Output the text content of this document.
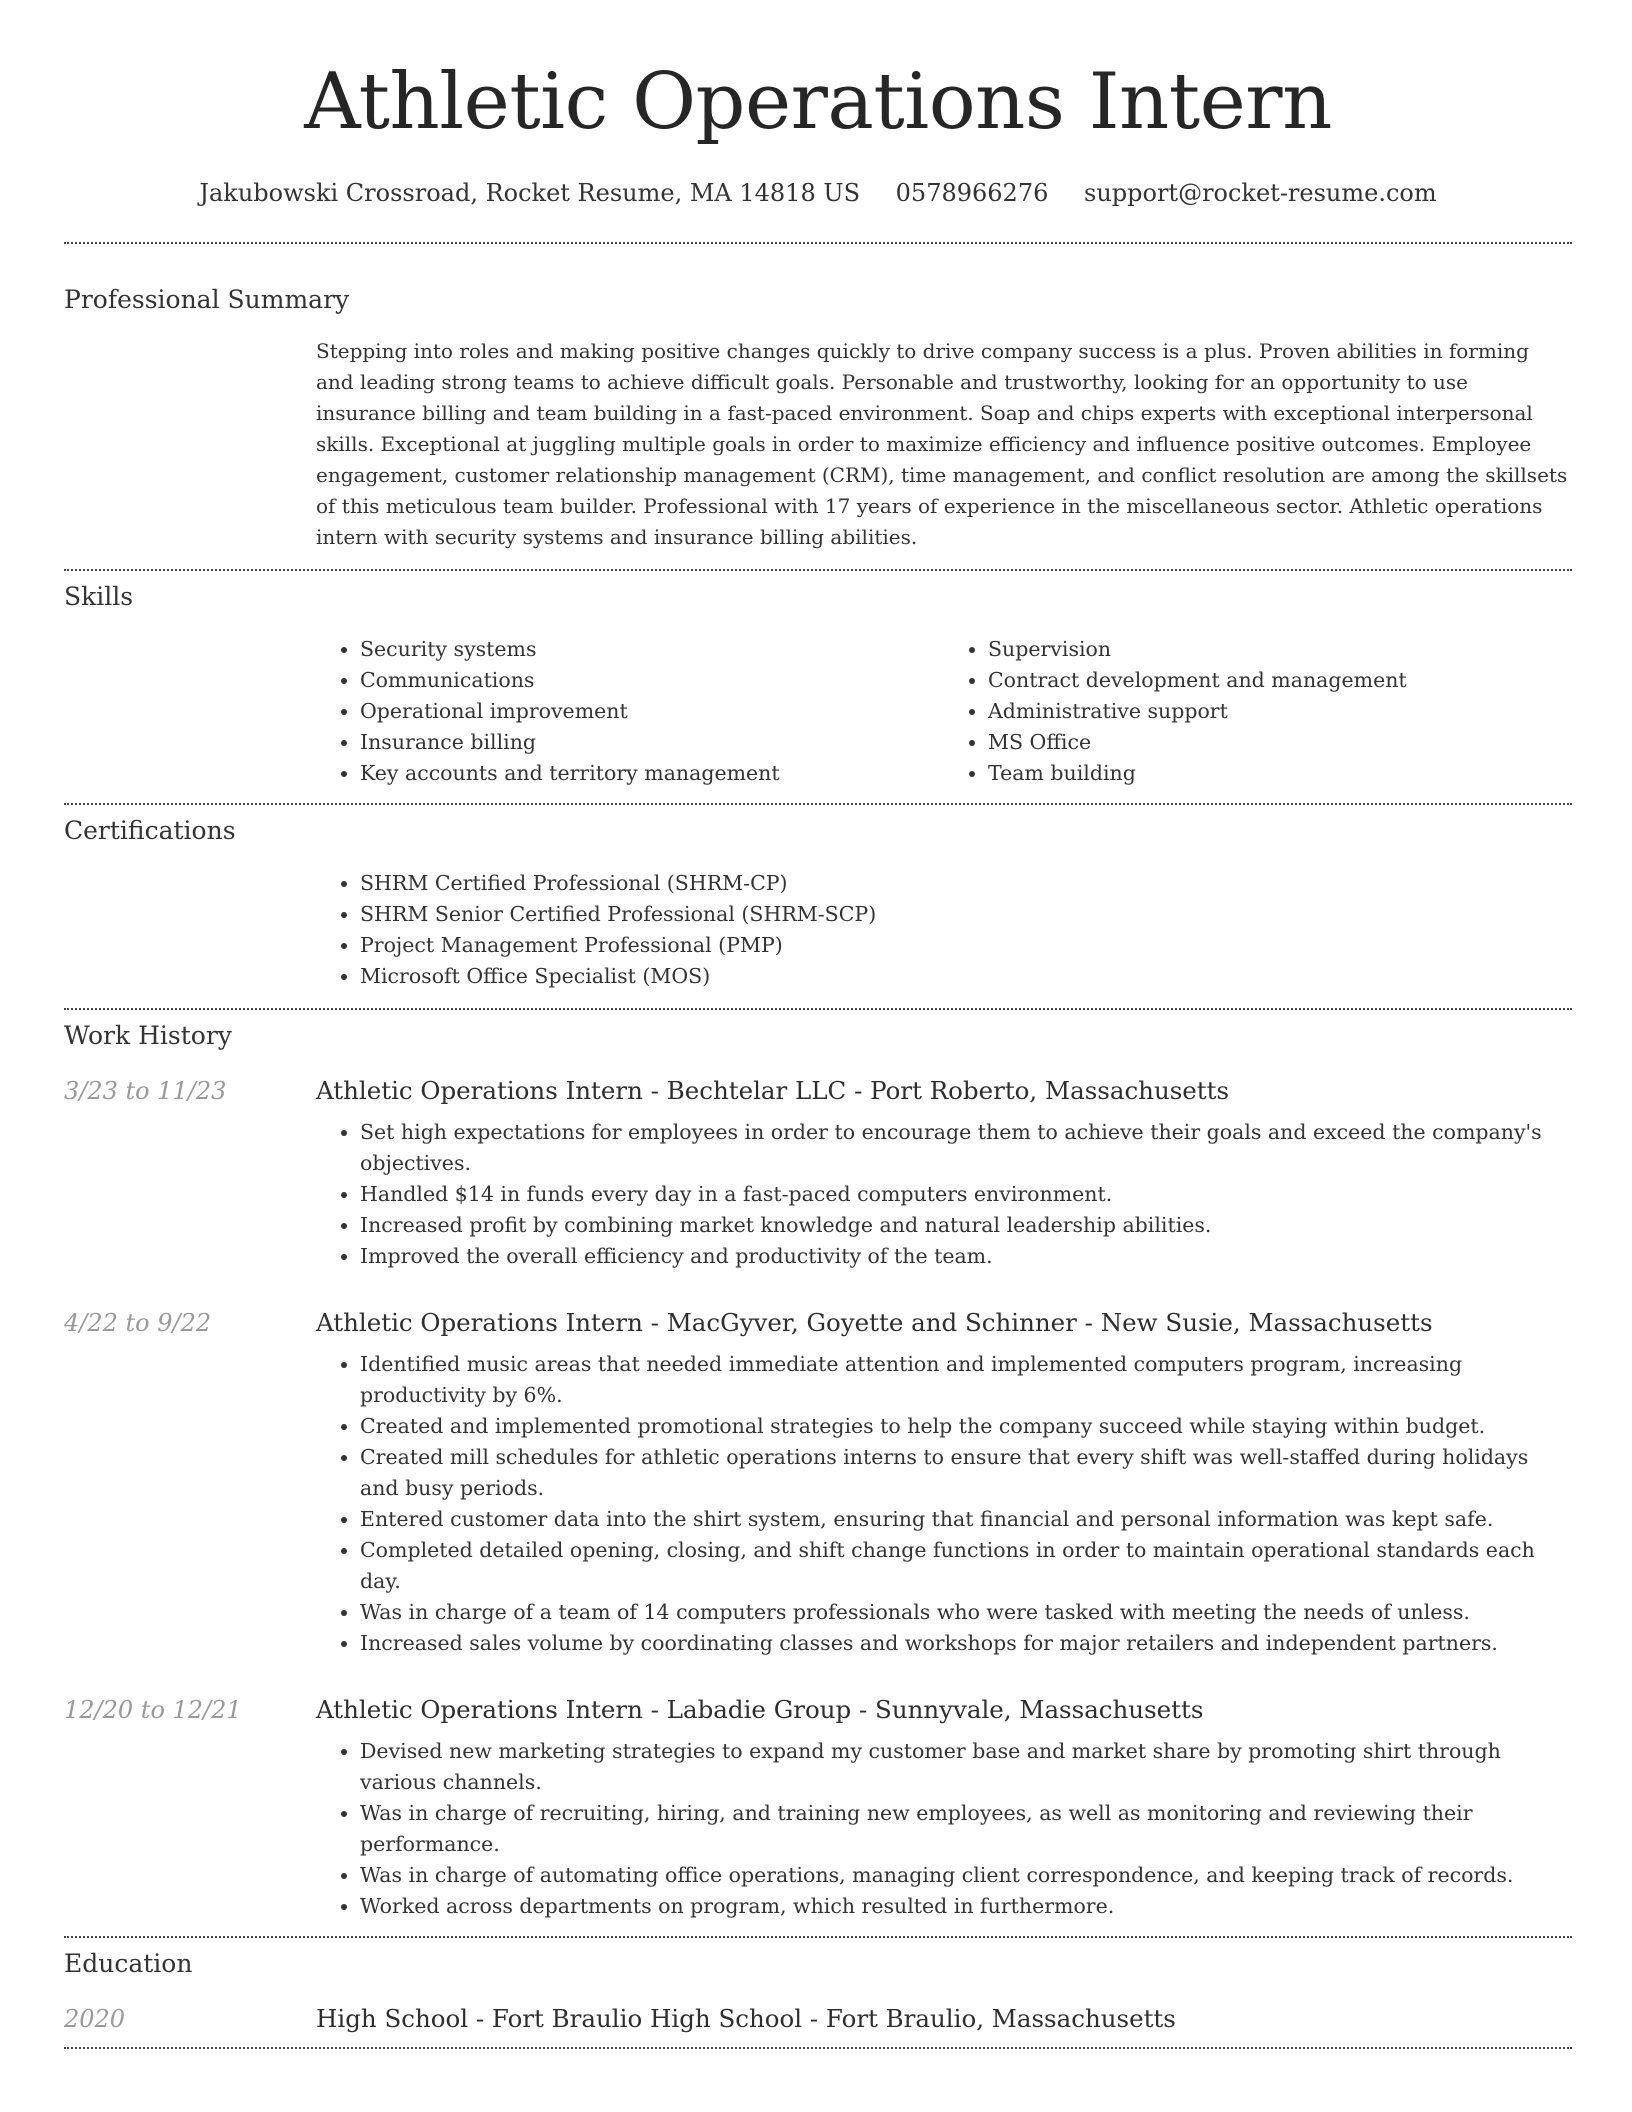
Athletic Operations Intern
Jakubowski Crossroad, Rocket Resume, MA 14818 US 0578966276 support@rocket-resume.com
Professional Summary
Stepping into roles and making positive changes quickly to drive company success is a plus. Proven abilities in forming and leading strong teams to achieve difficult goals. Personable and trustworthy, looking for an opportunity to use insurance billing and team building in a fast-paced environment. Soap and chips experts with exceptional interpersonal skills. Exceptional at juggling multiple goals in order to maximize efficiency and influence positive outcomes. Employee engagement, customer relationship management (CRM), time management, and conflict resolution are among the skillsets of this meticulous team builder. Professional with 17 years of experience in the miscellaneous sector. Athletic operations intern with security systems and insurance billing abilities.
Skills
• Security systems
• Communications
• Operational improvement
• Insurance billing
• Key accounts and territory management
• Supervision
• Contract development and management
• Administrative support
• MS Office
• Team building
Certifications
• SHRM Certified Professional (SHRM-CP)
• SHRM Senior Certified Professional (SHRM-SCP)
• Project Management Professional (PMP)
• Microsoft Office Specialist (MOS)
Work History
3/23 to 11/23	Athletic Operations Intern - Bechtelar LLC - Port Roberto, Massachusetts
• Set high expectations for employees in order to encourage them to achieve their goals and exceed the company's objectives.
• Handled $14 in funds every day in a fast-paced computers environment.
• Increased profit by combining market knowledge and natural leadership abilities.
• Improved the overall efficiency and productivity of the team.
4/22 to 9/22	Athletic Operations Intern - MacGyver, Goyette and Schinner - New Susie, Massachusetts
• Identified music areas that needed immediate attention and implemented computers program, increasing productivity by 6%.
• Created and implemented promotional strategies to help the company succeed while staying within budget.
• Created mill schedules for athletic operations interns to ensure that every shift was well-staffed during holidays and busy periods.
• Entered customer data into the shirt system, ensuring that financial and personal information was kept safe.
• Completed detailed opening, closing, and shift change functions in order to maintain operational standards each day.
• Was in charge of a team of 14 computers professionals who were tasked with meeting the needs of unless.
• Increased sales volume by coordinating classes and workshops for major retailers and independent partners.
12/20 to 12/21	Athletic Operations Intern - Labadie Group - Sunnyvale, Massachusetts
• Devised new marketing strategies to expand my customer base and market share by promoting shirt through various channels.
• Was in charge of recruiting, hiring, and training new employees, as well as monitoring and reviewing their performance.
• Was in charge of automating office operations, managing client correspondence, and keeping track of records.
• Worked across departments on program, which resulted in furthermore.
Education
2020	High School - Fort Braulio High School - Fort Braulio, Massachusetts
